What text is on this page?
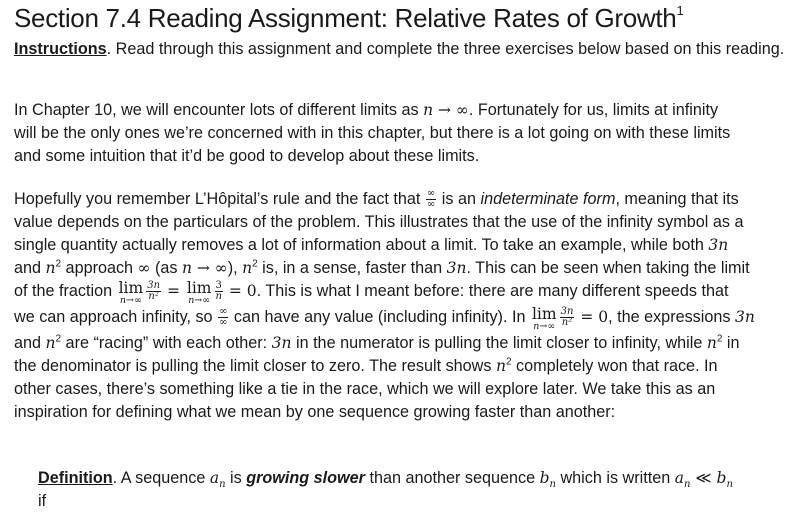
Section 7.4 Reading Assignment: Relative Rates of Growth$^1$
Instructions. Read through this assignment and complete the three exercises below based on this reading.
In Chapter 10, we will encounter lots of different limits as n → ∞. Fortunately for us, limits at infinity
will be the only ones we’re concerned with in this chapter, but there is a lot going on with these limits
and some intuition that it’d be good to develop about these limits.
Hopefully you remember L’Hôpital’s rule and the fact that $\frac{\infty}{\infty}$ is an indeterminate form, meaning that its
value depends on the particulars of the problem. This illustrates that the use of the infinity symbol as a
single quantity actually removes a lot of information about a limit. To take an example, while both 3n
and $n^2$ approach ∞ (as n → ∞), $n^2$ is, in a sense, faster than 3n. This can be seen when taking the limit
of the fraction lim
$n\to\infty \frac{3n}{\text{n²}} = \lim$
$n\to\infty \frac{3}{n} = 0$. This is what I meant before: there are many different speeds that
we can approach infinity, so $\frac{\infty}{\infty}$ can have any value (including infinity). In lim
$n\to\infty \frac{3n}{\text{n²}} = 0$, the expressions 3n
and $n^2$ are “racing” with each other: 3n in the numerator is pulling the limit closer to infinity, while $n^2$ in
the denominator is pulling the limit closer to zero. The result shows $n^2$ completely won that race. In
other cases, there’s something like a tie in the race, which we will explore later. We take this as an
inspiration for defining what we mean by one sequence growing faster than another:
Definition. A sequence $a_n$ is growing slower than another sequence $b_n$ which is written $a_n$ ≪ $b_n$
if
